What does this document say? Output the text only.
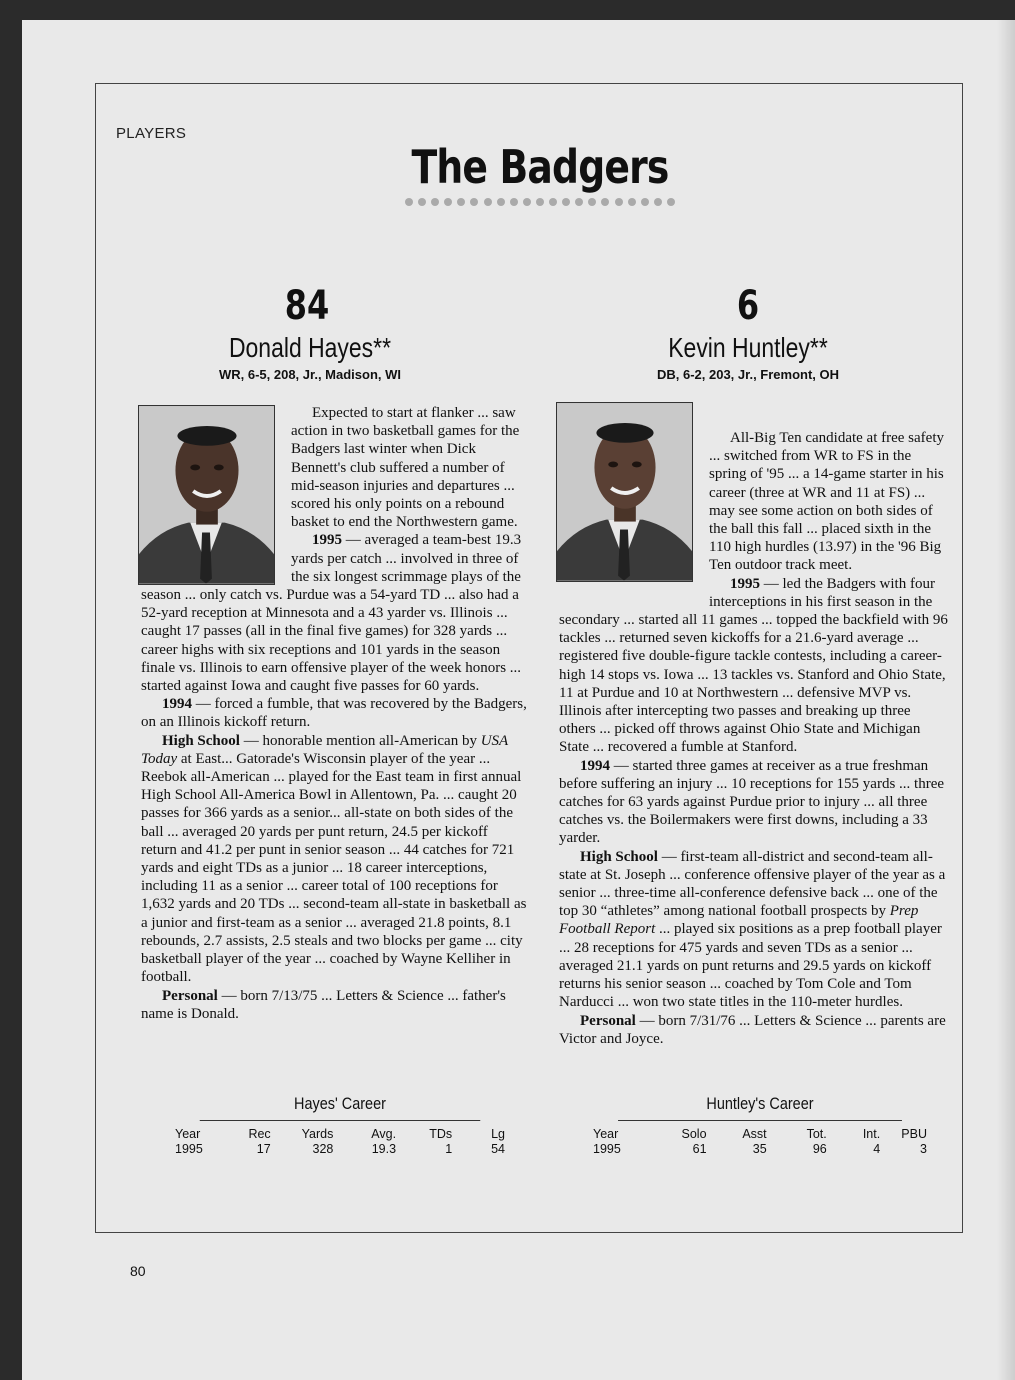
PLAYERS
The Badgers
84
Donald Hayes**
WR, 6-5, 208, Jr., Madison, WI

Expected to start at flanker ... saw action in two basketball games for the Badgers last winter when Dick Bennett's club suffered a number of mid-season injuries and departures ... scored his only points on a rebound basket to end the Northwestern game.

1995 — averaged a team-best 19.3 yards per catch ... involved in three of the six longest scrimmage plays of the season ... only catch vs. Purdue was a 54-yard TD ... also had a 52-yard reception at Minnesota and a 43 yarder vs. Illinois ... caught 17 passes (all in the final five games) for 328 yards ... career highs with six receptions and 101 yards in the season finale vs. Illinois to earn offensive player of the week honors ... started against Iowa and caught five passes for 60 yards.

1994 — forced a fumble, that was recovered by the Badgers, on an Illinois kickoff return.

High School — honorable mention all-American by USA Today at East... Gatorade's Wisconsin player of the year ... Reebok all-American ... played for the East team in first annual High School All-America Bowl in Allentown, Pa. ... caught 20 passes for 366 yards as a senior... all-state on both sides of the ball ... averaged 20 yards per punt return, 24.5 per kickoff return and 41.2 per punt in senior season ... 44 catches for 721 yards and eight TDs as a junior ... 18 career interceptions, including 11 as a senior ... career total of 100 receptions for 1,632 yards and 20 TDs ... second-team all-state in basketball as a junior and first-team as a senior ... averaged 21.8 points, 8.1 rebounds, 2.7 assists, 2.5 steals and two blocks per game ... city basketball player of the year ... coached by Wayne Kelliher in football.

Personal — born 7/13/75 ... Letters & Science ... father's name is Donald.

Hayes' Career
Year	Rec	Yards	Avg.	TDs	Lg
1995	17	328	19.3	1	54
6
Kevin Huntley**
DB, 6-2, 203, Jr., Fremont, OH

All-Big Ten candidate at free safety ... switched from WR to FS in the spring of '95 ... a 14-game starter in his career (three at WR and 11 at FS) ... may see some action on both sides of the ball this fall ... placed sixth in the 110 high hurdles (13.97) in the '96 Big Ten outdoor track meet.

1995 — led the Badgers with four interceptions in his first season in the secondary ... started all 11 games ... topped the backfield with 96 tackles ... returned seven kickoffs for a 21.6-yard average ... registered five double-figure tackle contests, including a career-high 14 stops vs. Iowa ... 13 tackles vs. Stanford and Ohio State, 11 at Purdue and 10 at Northwestern ... defensive MVP vs. Illinois after intercepting two passes and breaking up three others ... picked off throws against Ohio State and Michigan State ... recovered a fumble at Stanford.

1994 — started three games at receiver as a true freshman before suffering an injury ... 10 receptions for 155 yards ... three catches for 63 yards against Purdue prior to injury ... all three catches vs. the Boilermakers were first downs, including a 33 yarder.

High School — first-team all-district and second-team all-state at St. Joseph ... conference offensive player of the year as a senior ... three-time all-conference defensive back ... one of the top 30 “athletes” among national football prospects by Prep Football Report ... played six positions as a prep football player ... 28 receptions for 475 yards and seven TDs as a senior ... averaged 21.1 yards on punt returns and 29.5 yards on kickoff returns his senior season ... coached by Tom Cole and Tom Narducci ... won two state titles in the 110-meter hurdles.

Personal — born 7/31/76 ... Letters & Science ... parents are Victor and Joyce.

Huntley's Career
Year	Solo	Asst	Tot.	Int.	PBU
1995	61	35	96	4	3
80
